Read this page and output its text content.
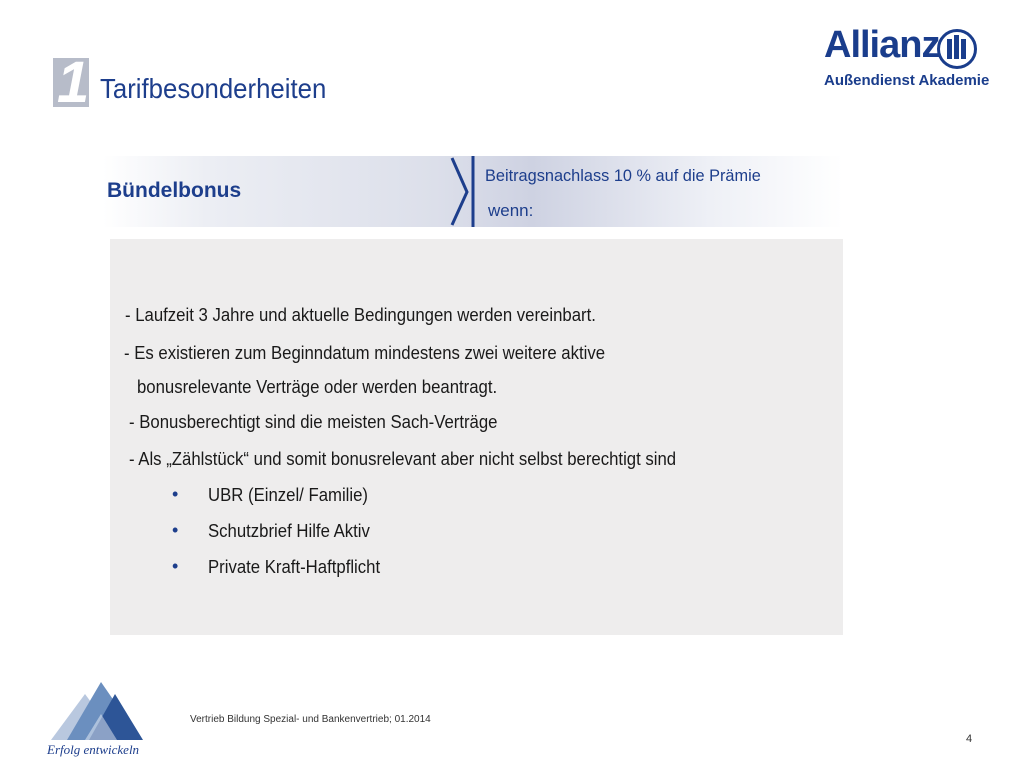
1 Tarifbesonderheiten
Allianz
Außendienst Akademie
Bündelbonus
Beitragsnachlass 10 % auf die Prämie
wenn:
- Laufzeit 3 Jahre und aktuelle Bedingungen werden vereinbart.
- Es existieren zum Beginndatum mindestens zwei weitere aktive
bonusrelevante Verträge oder werden beantragt.
- Bonusberechtigt sind die meisten Sach-Verträge
- Als „Zählstück“ und somit bonusrelevant aber nicht selbst berechtigt sind
• UBR (Einzel/ Familie)
• Schutzbrief Hilfe Aktiv
• Private Kraft-Haftpflicht
Erfolg entwickeln
Vertrieb Bildung Spezial- und Bankenvertrieb; 01.2014
4
